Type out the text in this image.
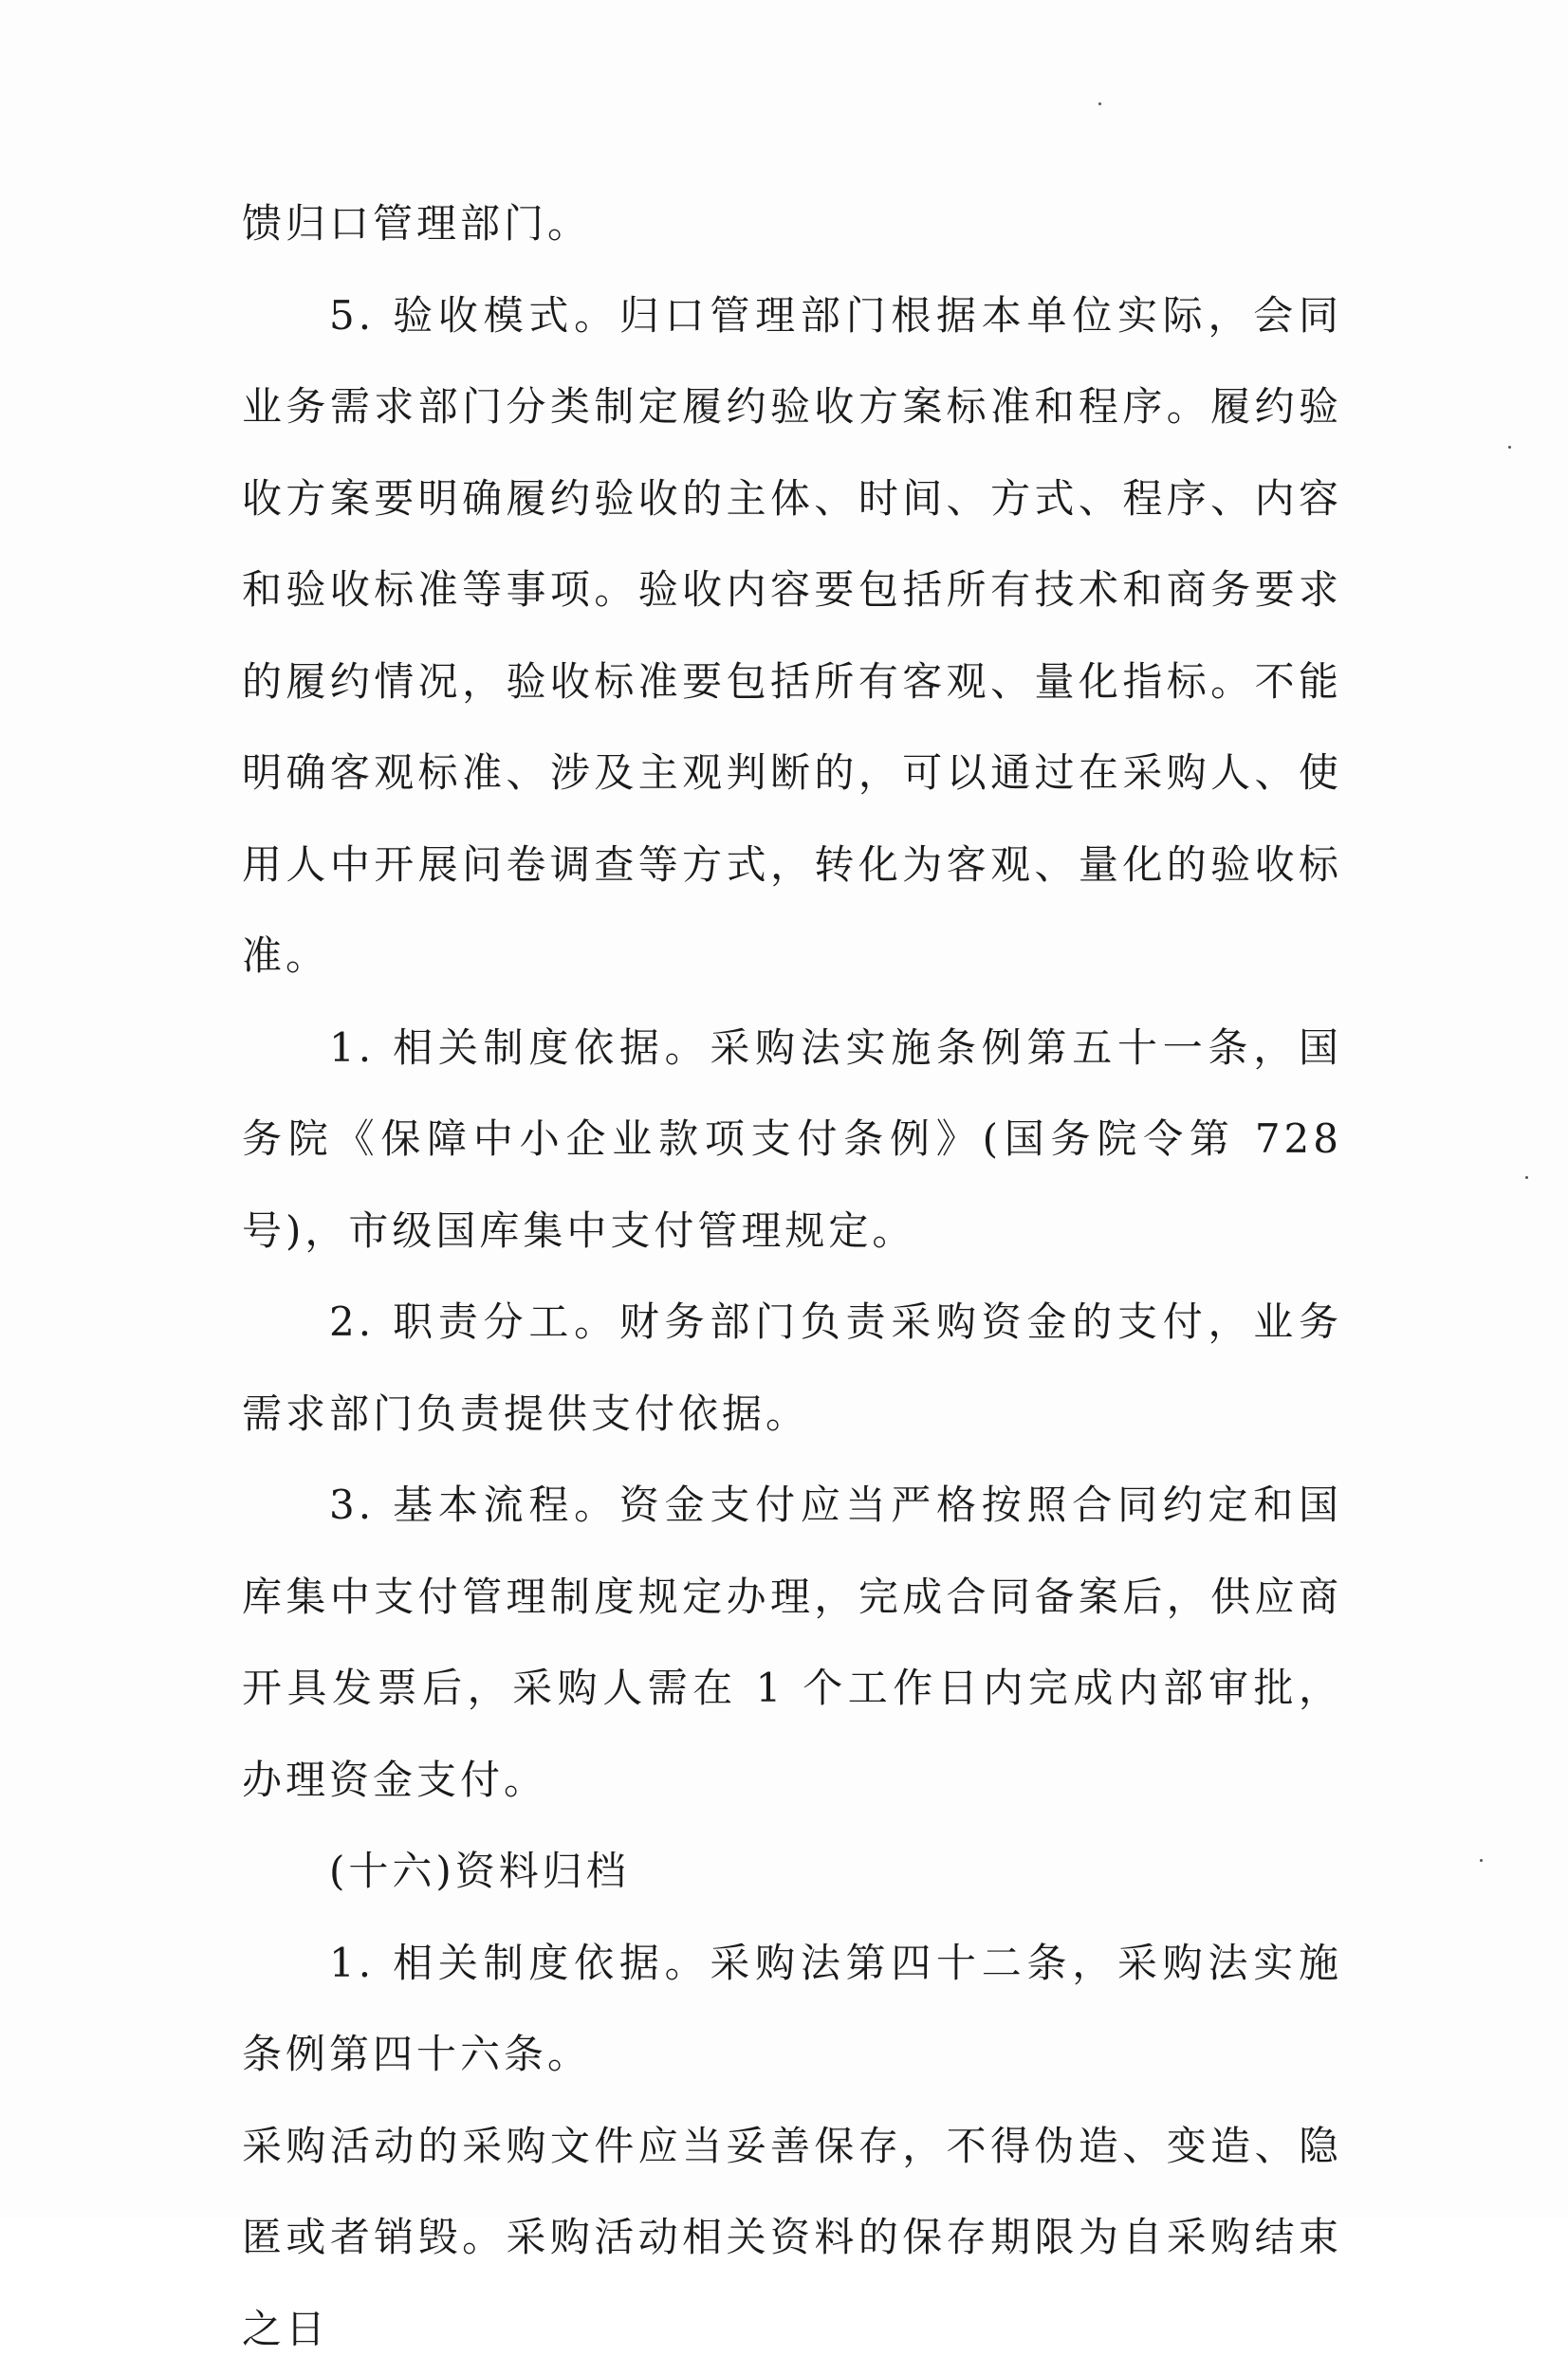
馈归口管理部门。

5. 验收模式。归口管理部门根据本单位实际，会同业务需求部门分类制定履约验收方案标准和程序。履约验收方案要明确履约验收的主体、时间、方式、程序、内容和验收标准等事项。验收内容要包括所有技术和商务要求的履约情况，验收标准要包括所有客观、量化指标。不能明确客观标准、涉及主观判断的，可以通过在采购人、使用人中开展问卷调查等方式，转化为客观、量化的验收标准。

1. 相关制度依据。采购法实施条例第五十一条，国务院《保障中小企业款项支付条例》(国务院令第 728 号)，市级国库集中支付管理规定。

2. 职责分工。财务部门负责采购资金的支付，业务需求部门负责提供支付依据。

3. 基本流程。资金支付应当严格按照合同约定和国库集中支付管理制度规定办理，完成合同备案后，供应商开具发票后，采购人需在 1 个工作日内完成内部审批，办理资金支付。

(十六)资料归档

1. 相关制度依据。采购法第四十二条，采购法实施条例第四十六条。

采购活动的采购文件应当妥善保存，不得伪造、变造、隐匿或者销毁。采购活动相关资料的保存期限为自采购结束之日
